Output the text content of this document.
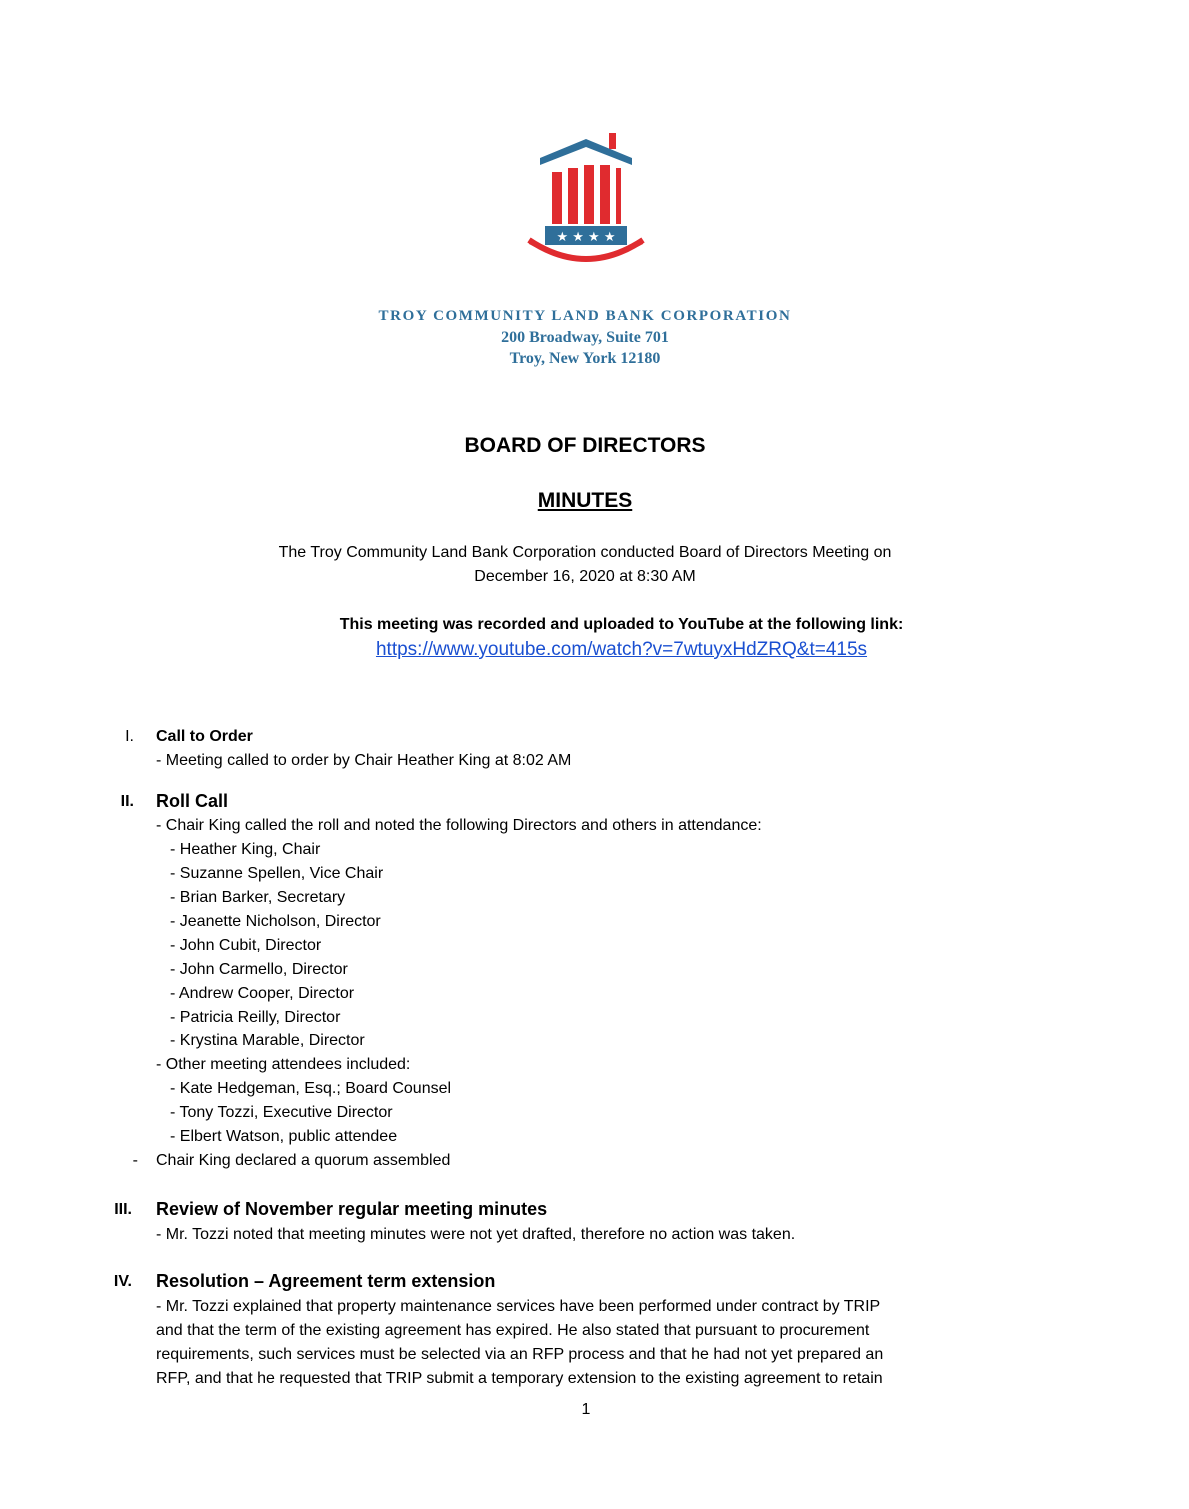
★ ★ ★ ★
TROY COMMUNITY LAND BANK CORPORATION
200 Broadway, Suite 701
Troy, New York 12180
BOARD OF DIRECTORS
MINUTES
The Troy Community Land Bank Corporation conducted Board of Directors Meeting on
December 16, 2020 at 8:30 AM
This meeting was recorded and uploaded to YouTube at the following link:
https://www.youtube.com/watch?v=7wtuyxHdZRQ&t=415s
I. Call to Order
- Meeting called to order by Chair Heather King at 8:02 AM
II. Roll Call
- Chair King called the roll and noted the following Directors and others in attendance:
- Heather King, Chair
- Suzanne Spellen, Vice Chair
- Brian Barker, Secretary
- Jeanette Nicholson, Director
- John Cubit, Director
- John Carmello, Director
- Andrew Cooper, Director
- Patricia Reilly, Director
- Krystina Marable, Director
- Other meeting attendees included:
- Kate Hedgeman, Esq.; Board Counsel
- Tony Tozzi, Executive Director
- Elbert Watson, public attendee
- Chair King declared a quorum assembled
III. Review of November regular meeting minutes
- Mr. Tozzi noted that meeting minutes were not yet drafted, therefore no action was taken.
IV. Resolution – Agreement term extension
- Mr. Tozzi explained that property maintenance services have been performed under contract by TRIP
and that the term of the existing agreement has expired. He also stated that pursuant to procurement
requirements, such services must be selected via an RFP process and that he had not yet prepared an
RFP, and that he requested that TRIP submit a temporary extension to the existing agreement to retain
1
